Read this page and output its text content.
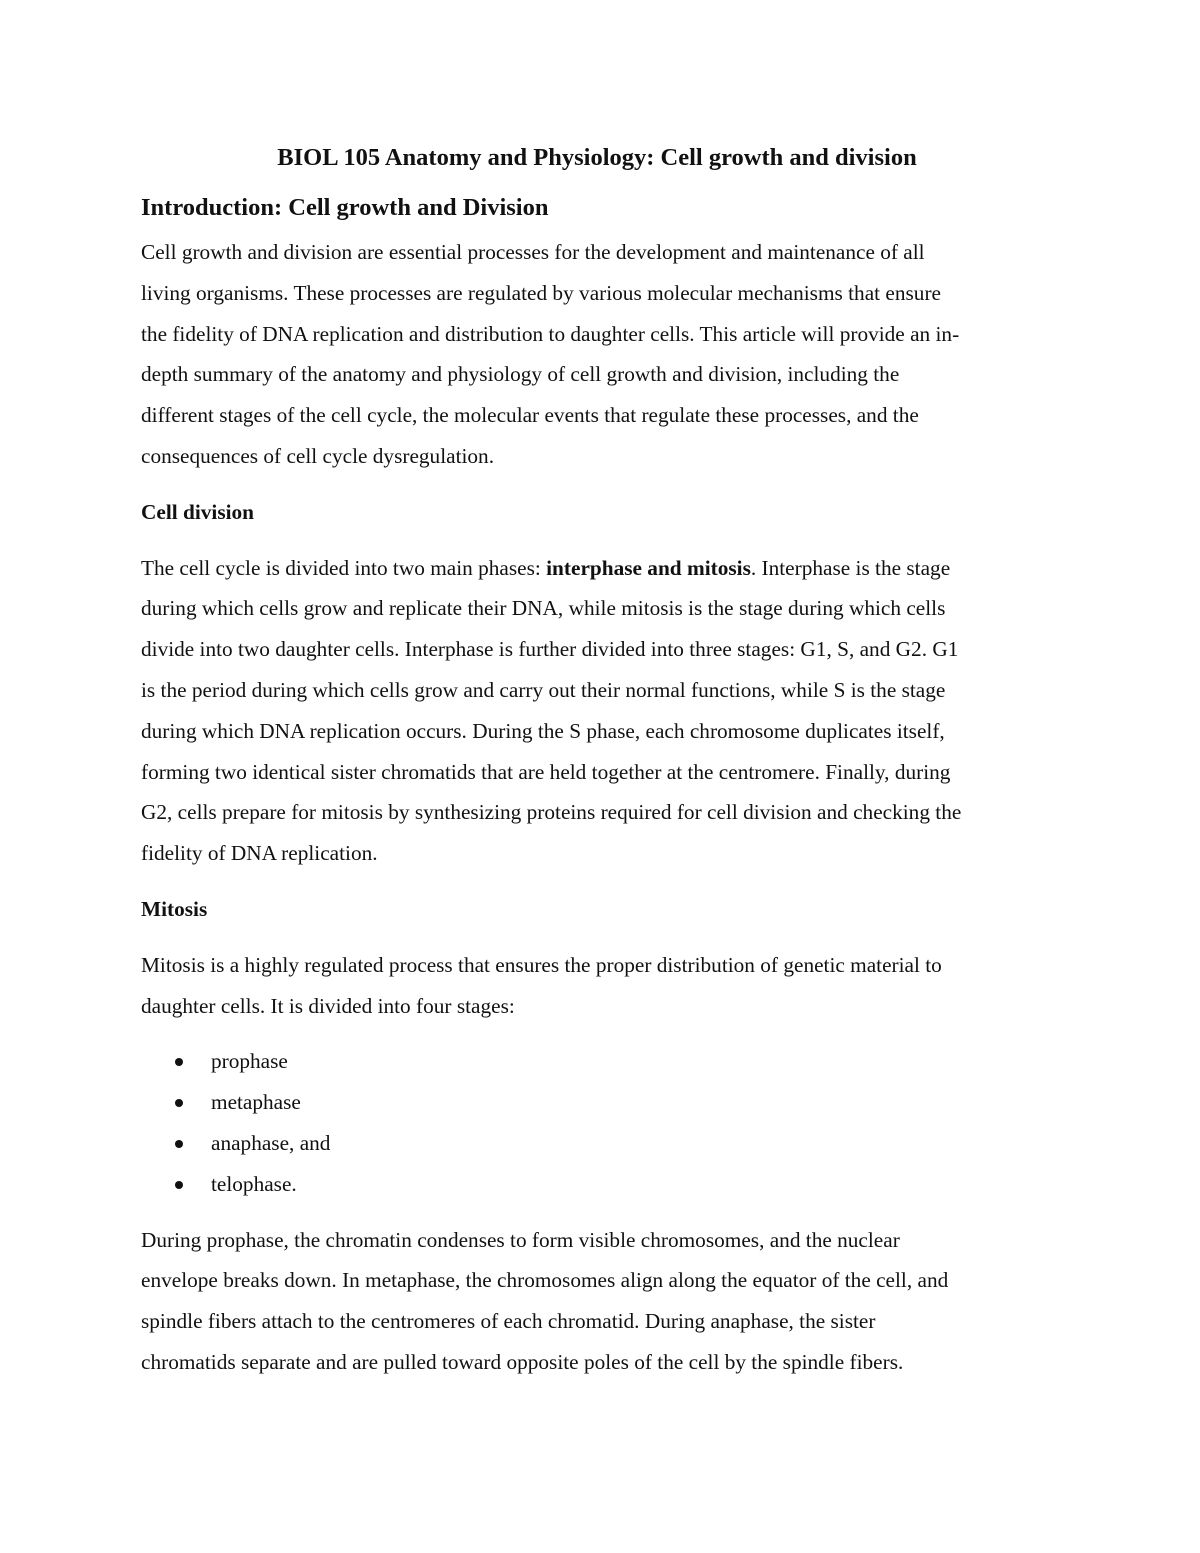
BIOL 105 Anatomy and Physiology: Cell growth and division
Introduction: Cell growth and Division

Cell growth and division are essential processes for the development and maintenance of all
living organisms. These processes are regulated by various molecular mechanisms that ensure
the fidelity of DNA replication and distribution to daughter cells. This article will provide an in-
depth summary of the anatomy and physiology of cell growth and division, including the
different stages of the cell cycle, the molecular events that regulate these processes, and the
consequences of cell cycle dysregulation.

Cell division

The cell cycle is divided into two main phases: interphase and mitosis. Interphase is the stage
during which cells grow and replicate their DNA, while mitosis is the stage during which cells
divide into two daughter cells. Interphase is further divided into three stages: G1, S, and G2. G1
is the period during which cells grow and carry out their normal functions, while S is the stage
during which DNA replication occurs. During the S phase, each chromosome duplicates itself,
forming two identical sister chromatids that are held together at the centromere. Finally, during
G2, cells prepare for mitosis by synthesizing proteins required for cell division and checking the
fidelity of DNA replication.

Mitosis

Mitosis is a highly regulated process that ensures the proper distribution of genetic material to
daughter cells. It is divided into four stages:

prophase
metaphase
anaphase, and
telophase.

During prophase, the chromatin condenses to form visible chromosomes, and the nuclear
envelope breaks down. In metaphase, the chromosomes align along the equator of the cell, and
spindle fibers attach to the centromeres of each chromatid. During anaphase, the sister
chromatids separate and are pulled toward opposite poles of the cell by the spindle fibers.
